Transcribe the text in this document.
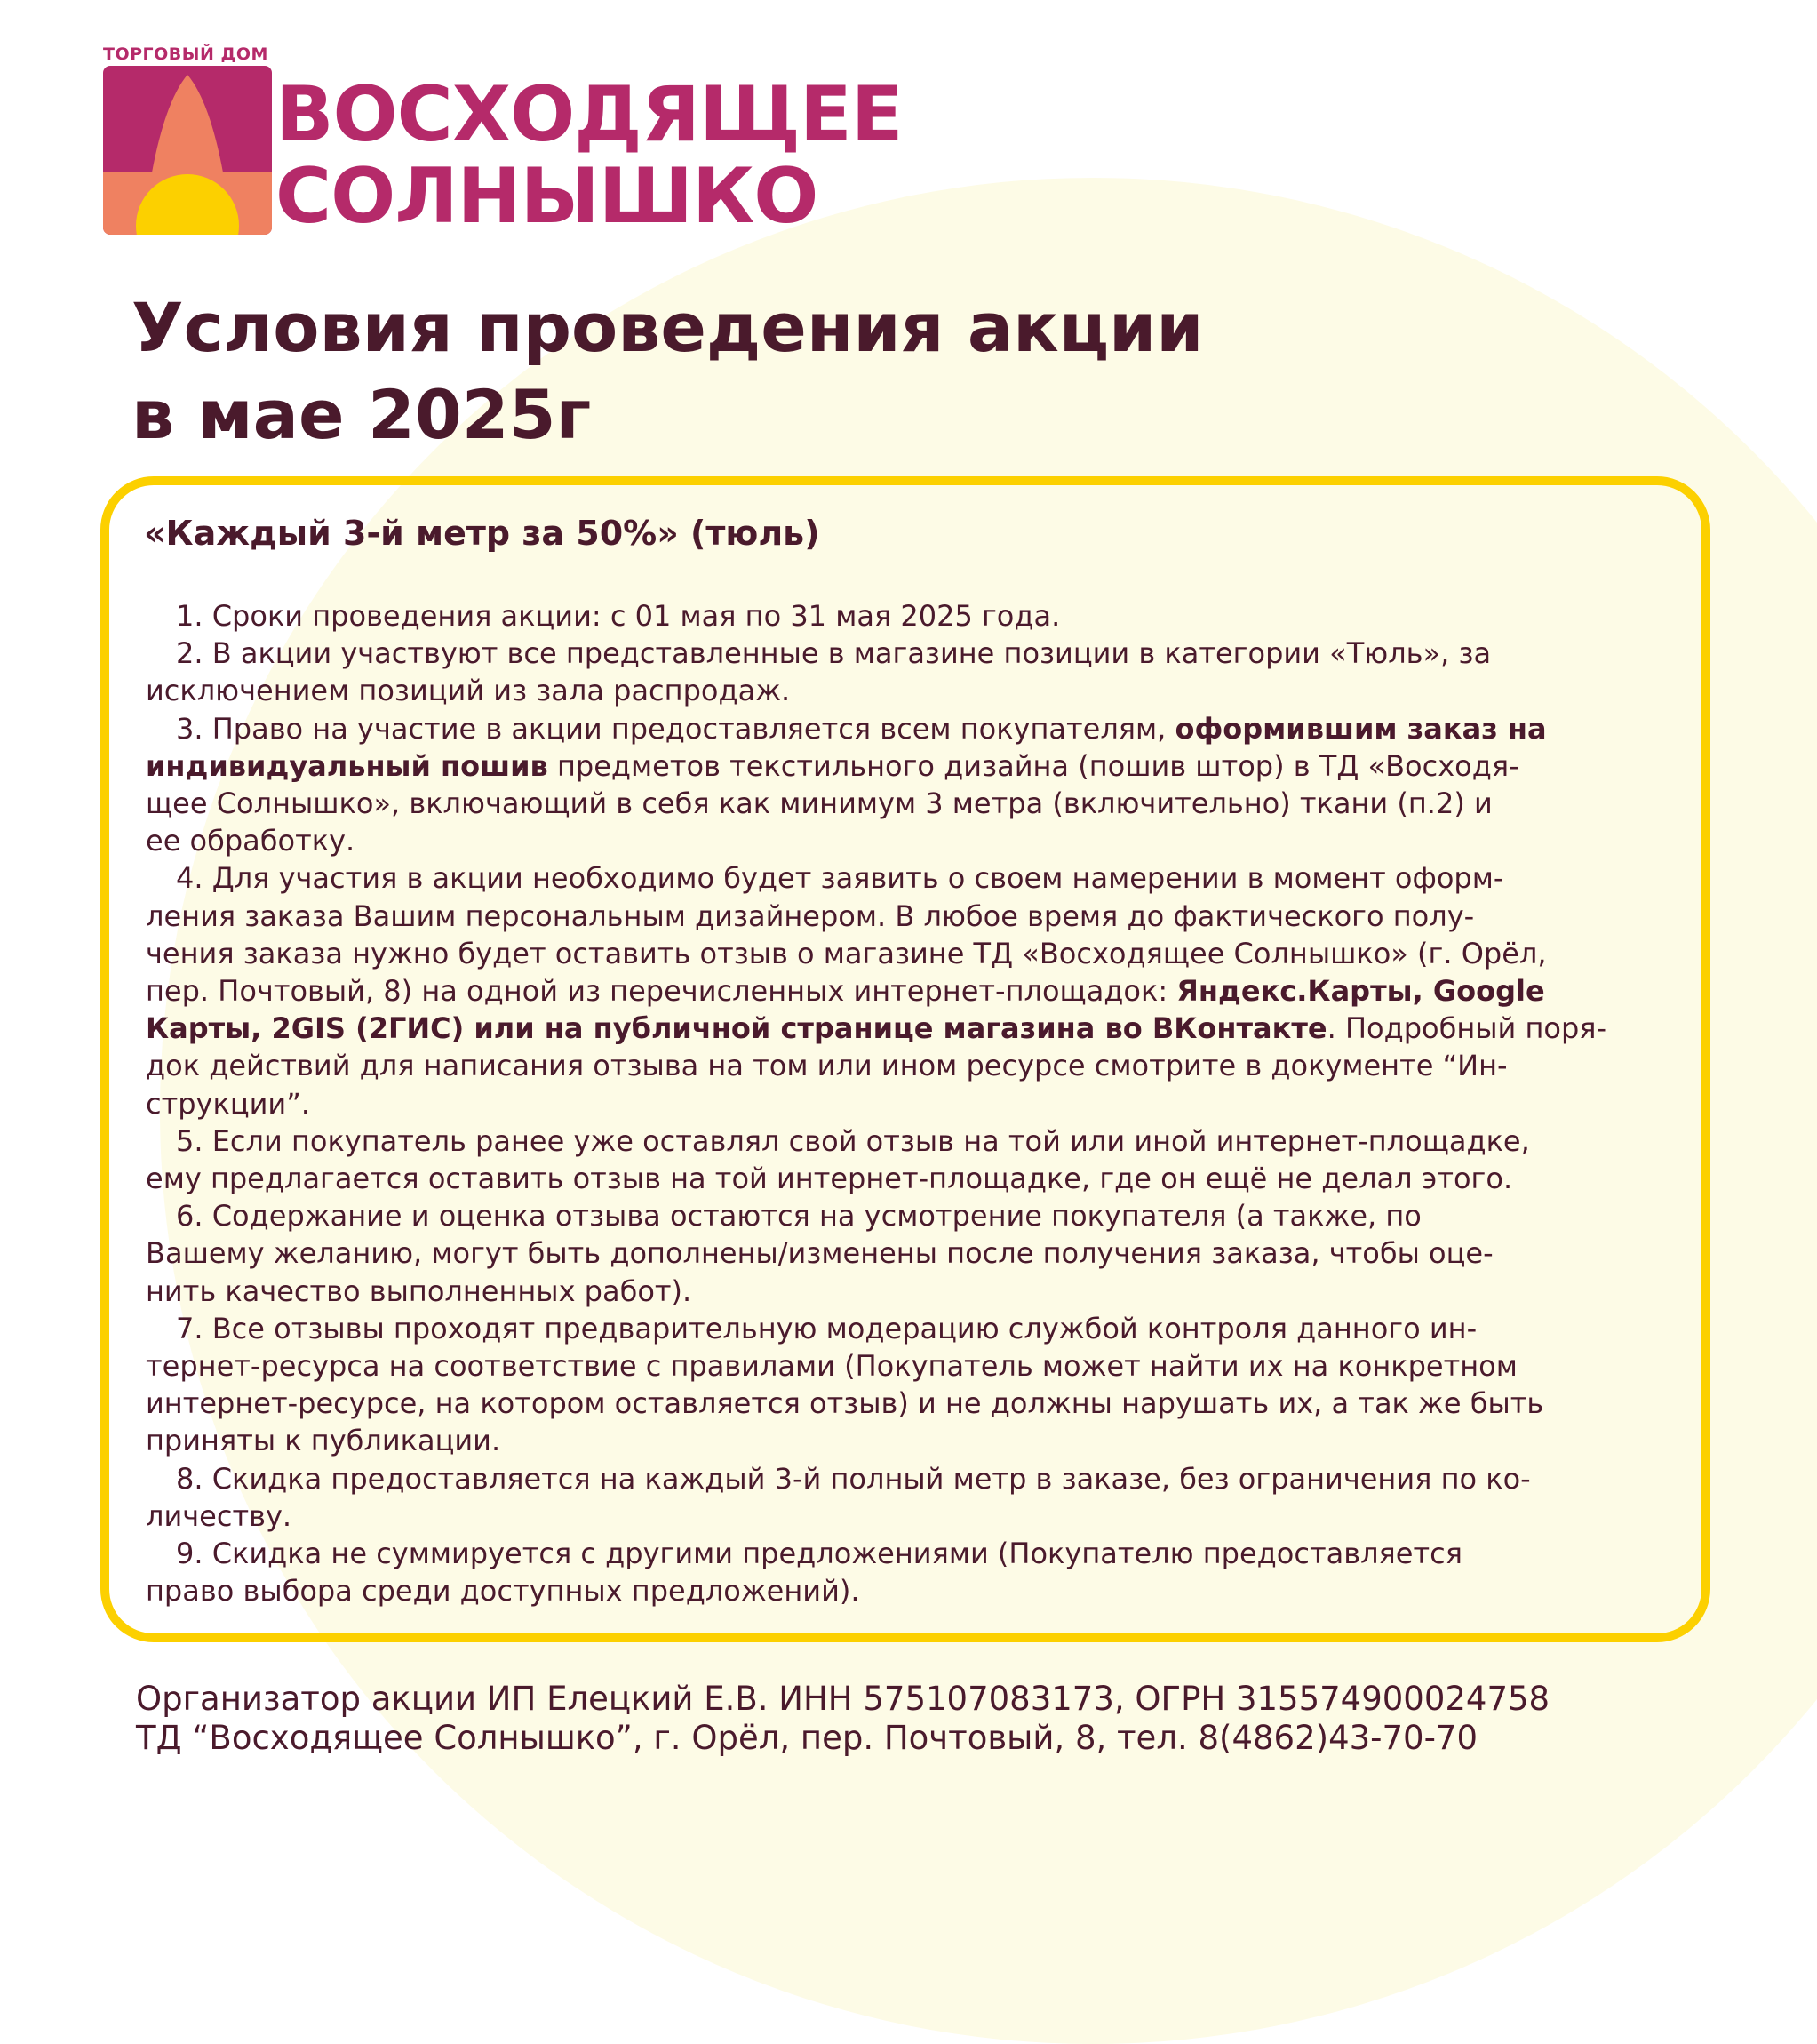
ТОРГОВЫЙ ДОМ
ВОСХОДЯЩЕЕ
СОЛНЫШКО
Условия проведения акции
в мае 2025г
«Каждый 3-й метр за 50%» (тюль)
1. Сроки проведения акции: с 01 мая по 31 мая 2025 года.
2. В акции участвуют все представленные в магазине позиции в категории «Тюль», за
исключением позиций из зала распродаж.
3. Право на участие в акции предоставляется всем покупателям, оформившим заказ на
индивидуальный пошив предметов текстильного дизайна (пошив штор) в ТД «Восходя-
щее Солнышко», включающий в себя как минимум 3 метра (включительно) ткани (п.2) и
ее обработку.
4. Для участия в акции необходимо будет заявить о своем намерении в момент оформ-
ления заказа Вашим персональным дизайнером. В любое время до фактического полу-
чения заказа нужно будет оставить отзыв о магазине ТД «Восходящее Солнышко» (г. Орёл,
пер. Почтовый, 8) на одной из перечисленных интернет-площадок: Яндекс.Карты, Google
Карты, 2GIS (2ГИС) или на публичной странице магазина во ВКонтакте. Подробный поря-
док действий для написания отзыва на том или ином ресурсе смотрите в документе “Ин-
струкции”.
5. Если покупатель ранее уже оставлял свой отзыв на той или иной интернет-площадке,
ему предлагается оставить отзыв на той интернет-площадке, где он ещё не делал этого.
6. Содержание и оценка отзыва остаются на усмотрение покупателя (а также, по
Вашему желанию, могут быть дополнены/изменены после получения заказа, чтобы оце-
нить качество выполненных работ).
7. Все отзывы проходят предварительную модерацию службой контроля данного ин-
тернет-ресурса на соответствие с правилами (Покупатель может найти их на конкретном
интернет-ресурсе, на котором оставляется отзыв) и не должны нарушать их, а так же быть
приняты к публикации.
8. Скидка предоставляется на каждый 3-й полный метр в заказе, без ограничения по ко-
личеству.
9. Скидка не суммируется с другими предложениями (Покупателю предоставляется
право выбора среди доступных предложений).
Организатор акции ИП Елецкий Е.В. ИНН 575107083173, ОГРН 315574900024758
ТД “Восходящее Солнышко”, г. Орёл, пер. Почтовый, 8, тел. 8(4862)43-70-70
